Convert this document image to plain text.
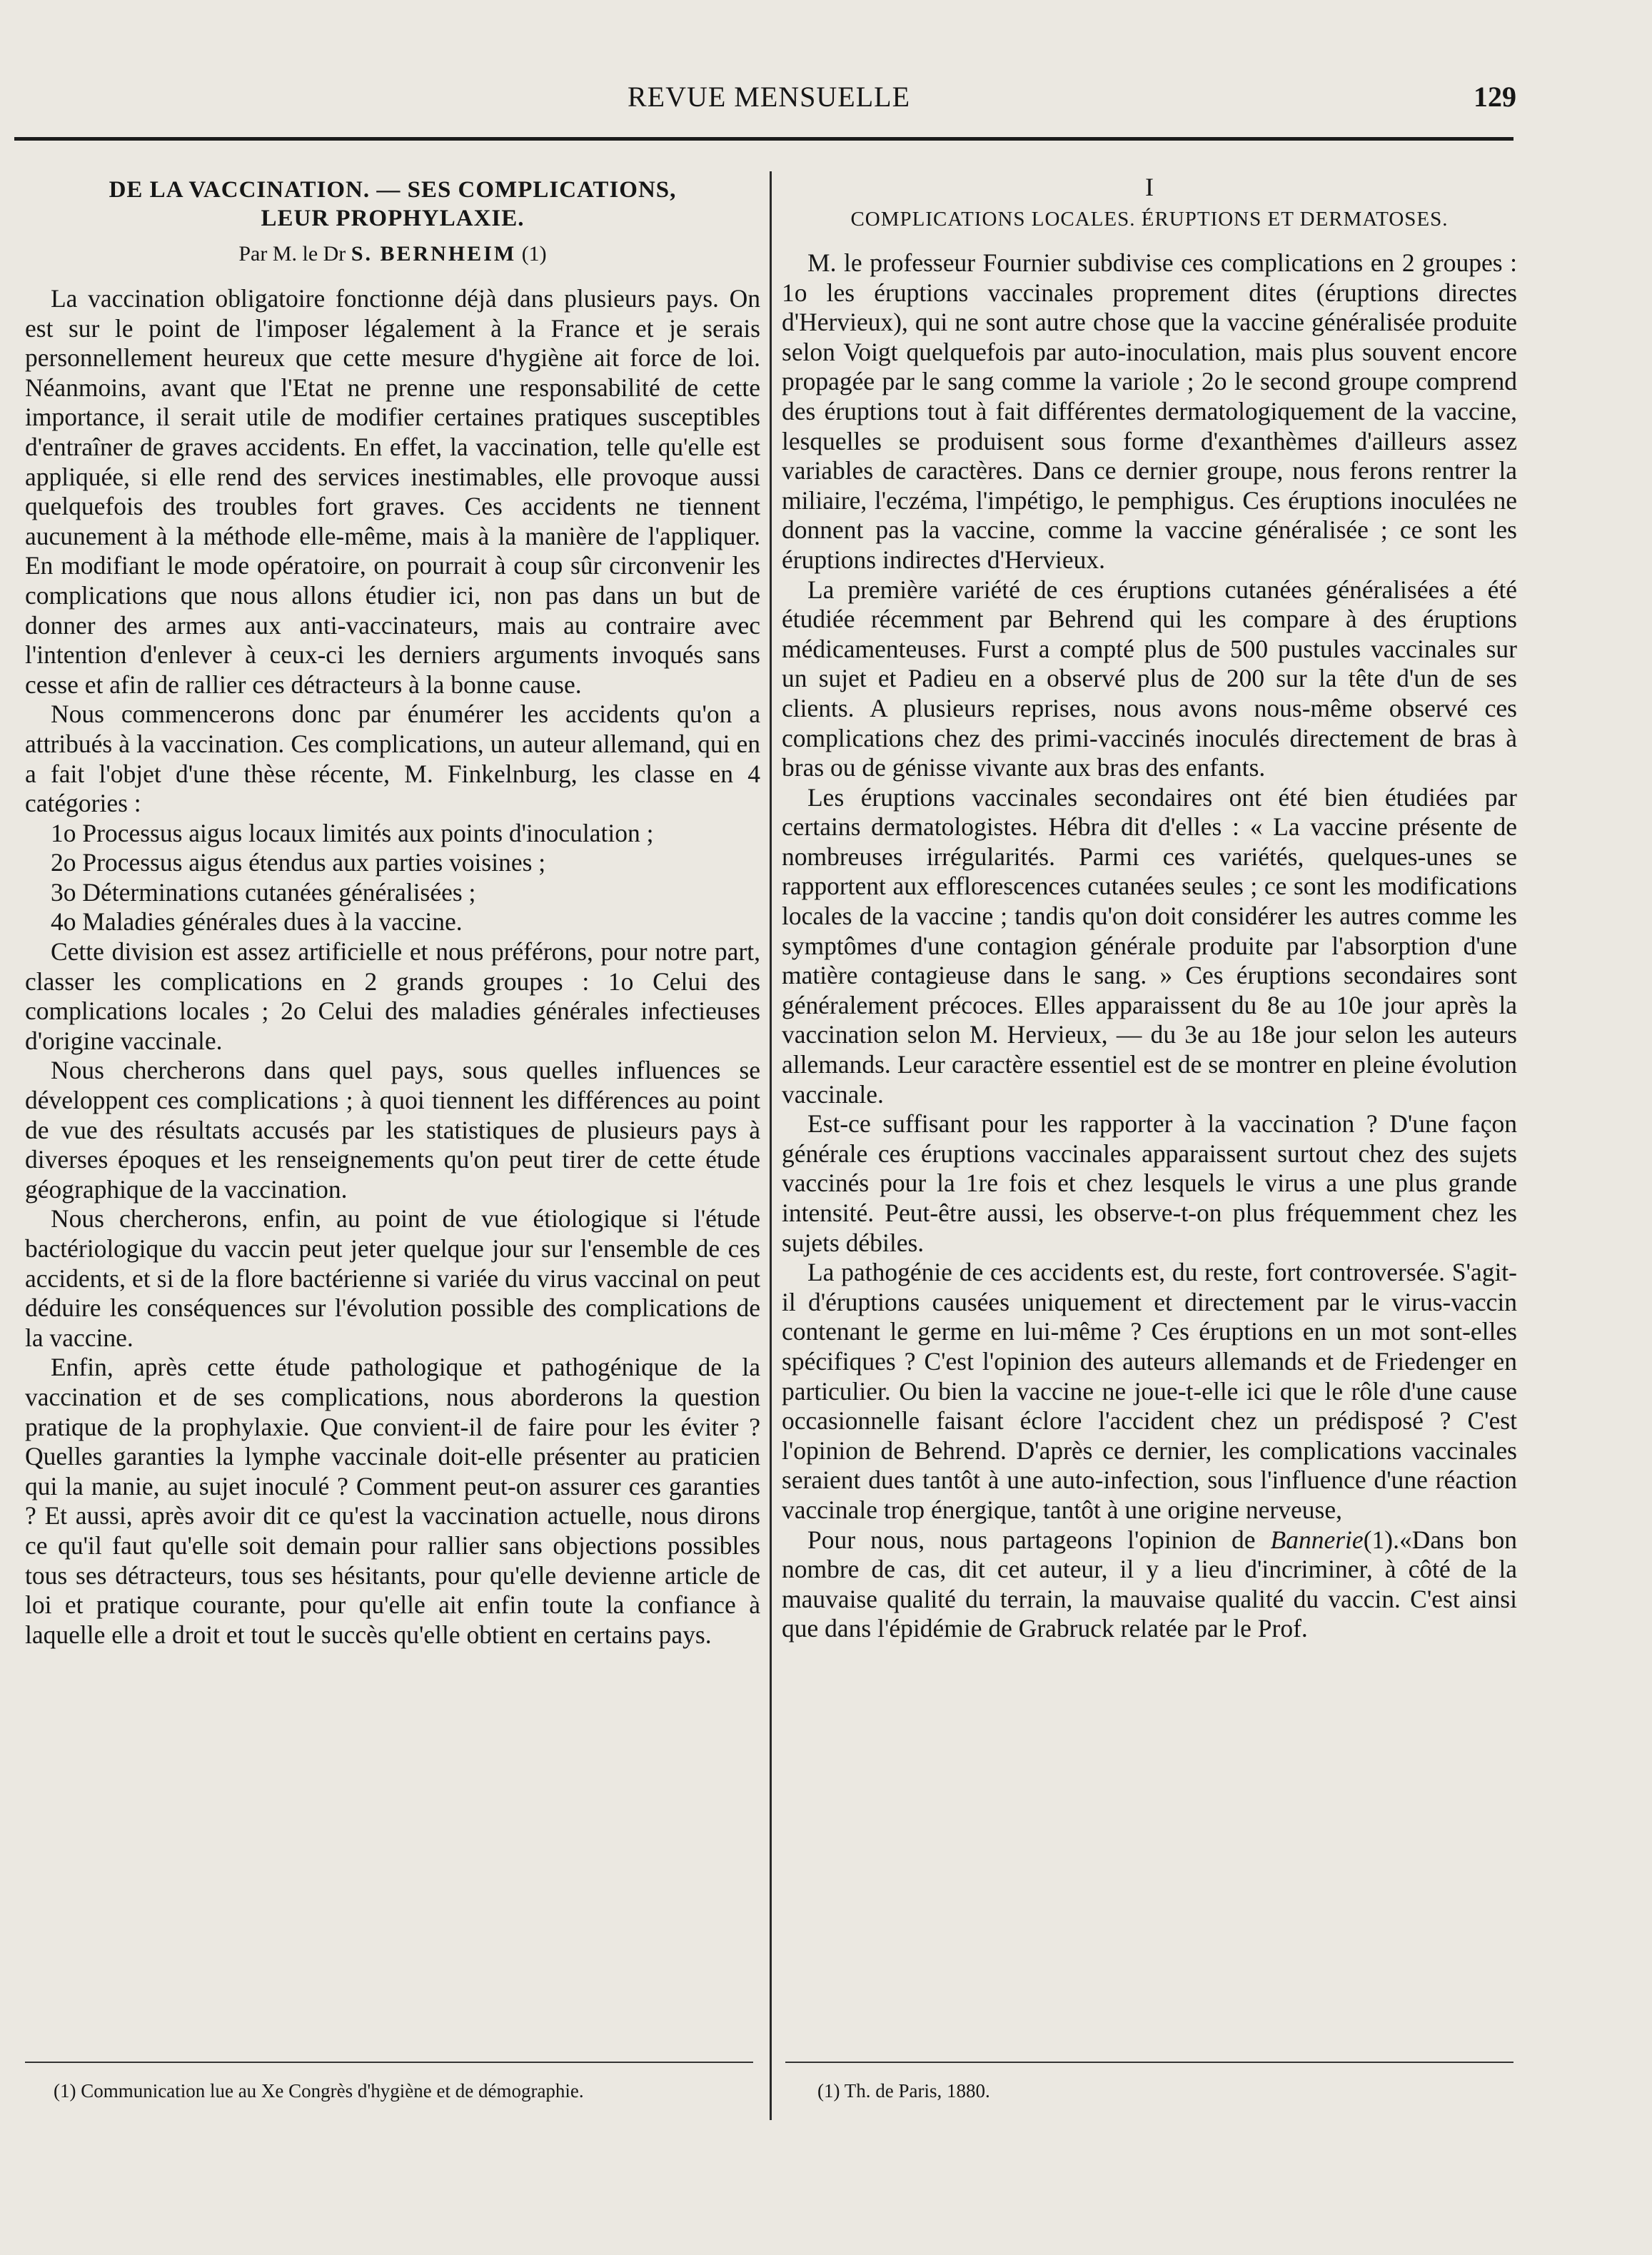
REVUE MENSUELLE	129
DE LA VACCINATION. — SES COMPLICATIONS,
LEUR PROPHYLAXIE.
Par M. le Dr S. BERNHEIM (1)

La vaccination obligatoire fonctionne déjà dans plusieurs pays. On est sur le point de l'imposer légalement à la France et je serais personnellement heureux que cette mesure d'hygiène ait force de loi. Néanmoins, avant que l'Etat ne prenne une responsabilité de cette importance, il serait utile de modifier certaines pratiques susceptibles d'entraîner de graves accidents. En effet, la vaccination, telle qu'elle est appliquée, si elle rend des services inestimables, elle provoque aussi quelquefois des troubles fort graves. Ces accidents ne tiennent aucunement à la méthode elle-même, mais à la manière de l'appliquer. En modifiant le mode opératoire, on pourrait à coup sûr circonvenir les complications que nous allons étudier ici, non pas dans un but de donner des armes aux anti-vaccinateurs, mais au contraire avec l'intention d'enlever à ceux-ci les derniers arguments invoqués sans cesse et afin de rallier ces détracteurs à la bonne cause.

Nous commencerons donc par énumérer les accidents qu'on a attribués à la vaccination. Ces complications, un auteur allemand, qui en a fait l'objet d'une thèse récente, M. Finkelnburg, les classe en 4 catégories :

1o Processus aigus locaux limités aux points d'inoculation ;

2o Processus aigus étendus aux parties voisines ;

3o Déterminations cutanées généralisées ;

4o Maladies générales dues à la vaccine.

Cette division est assez artificielle et nous préférons, pour notre part, classer les complications en 2 grands groupes : 1o Celui des complications locales ; 2o Celui des maladies générales infectieuses d'origine vaccinale.

Nous chercherons dans quel pays, sous quelles influences se développent ces complications ; à quoi tiennent les différences au point de vue des résultats accusés par les statistiques de plusieurs pays à diverses époques et les renseignements qu'on peut tirer de cette étude géographique de la vaccination.

Nous chercherons, enfin, au point de vue étiologique si l'étude bactériologique du vaccin peut jeter quelque jour sur l'ensemble de ces accidents, et si de la flore bactérienne si variée du virus vaccinal on peut déduire les conséquences sur l'évolution possible des complications de la vaccine.

Enfin, après cette étude pathologique et pathogénique de la vaccination et de ses complications, nous aborderons la question pratique de la prophylaxie. Que convient-il de faire pour les éviter ? Quelles garanties la lymphe vaccinale doit-elle présenter au praticien qui la manie, au sujet inoculé ? Comment peut-on assurer ces garanties ? Et aussi, après avoir dit ce qu'est la vaccination actuelle, nous dirons ce qu'il faut qu'elle soit demain pour rallier sans objections possibles tous ses détracteurs, tous ses hésitants, pour qu'elle devienne article de loi et pratique courante, pour qu'elle ait enfin toute la confiance à laquelle elle a droit et tout le succès qu'elle obtient en certains pays.

I
COMPLICATIONS LOCALES. ÉRUPTIONS ET DERMATOSES.

M. le professeur Fournier subdivise ces complications en 2 groupes : 1o les éruptions vaccinales proprement dites (éruptions directes d'Hervieux), qui ne sont autre chose que la vaccine généralisée produite selon Voigt quelquefois par auto-inoculation, mais plus souvent encore propagée par le sang comme la variole ; 2o le second groupe comprend des éruptions tout à fait différentes dermatologiquement de la vaccine, lesquelles se produisent sous forme d'exanthèmes d'ailleurs assez variables de caractères. Dans ce dernier groupe, nous ferons rentrer la miliaire, l'eczéma, l'impétigo, le pemphigus. Ces éruptions inoculées ne donnent pas la vaccine, comme la vaccine généralisée ; ce sont les éruptions indirectes d'Hervieux.

La première variété de ces éruptions cutanées généralisées a été étudiée récemment par Behrend qui les compare à des éruptions médicamenteuses. Furst a compté plus de 500 pustules vaccinales sur un sujet et Padieu en a observé plus de 200 sur la tête d'un de ses clients. A plusieurs reprises, nous avons nous-même observé ces complications chez des primi-vaccinés inoculés directement de bras à bras ou de génisse vivante aux bras des enfants.

Les éruptions vaccinales secondaires ont été bien étudiées par certains dermatologistes. Hébra dit d'elles : « La vaccine présente de nombreuses irrégularités. Parmi ces variétés, quelques-unes se rapportent aux efflorescences cutanées seules ; ce sont les modifications locales de la vaccine ; tandis qu'on doit considérer les autres comme les symptômes d'une contagion générale produite par l'absorption d'une matière contagieuse dans le sang. » Ces éruptions secondaires sont généralement précoces. Elles apparaissent du 8e au 10e jour après la vaccination selon M. Hervieux, — du 3e au 18e jour selon les auteurs allemands. Leur caractère essentiel est de se montrer en pleine évolution vaccinale.

Est-ce suffisant pour les rapporter à la vaccination ? D'une façon générale ces éruptions vaccinales apparaissent surtout chez des sujets vaccinés pour la 1re fois et chez lesquels le virus a une plus grande intensité. Peut-être aussi, les observe-t-on plus fréquemment chez les sujets débiles.

La pathogénie de ces accidents est, du reste, fort controversée. S'agit-il d'éruptions causées uniquement et directement par le virus-vaccin contenant le germe en lui-même ? Ces éruptions en un mot sont-elles spécifiques ? C'est l'opinion des auteurs allemands et de Friedenger en particulier. Ou bien la vaccine ne joue-t-elle ici que le rôle d'une cause occasionnelle faisant éclore l'accident chez un prédisposé ? C'est l'opinion de Behrend. D'après ce dernier, les complications vaccinales seraient dues tantôt à une auto-infection, sous l'influence d'une réaction vaccinale trop énergique, tantôt à une origine nerveuse,

Pour nous, nous partageons l'opinion de Bannerie(1).«Dans bon nombre de cas, dit cet auteur, il y a lieu d'incriminer, à côté de la mauvaise qualité du terrain, la mauvaise qualité du vaccin. C'est ainsi que dans l'épidémie de Grabruck relatée par le Prof.

(1) Communication lue au Xe Congrès d'hygiène et de démographie.	(1) Th. de Paris, 1880.
